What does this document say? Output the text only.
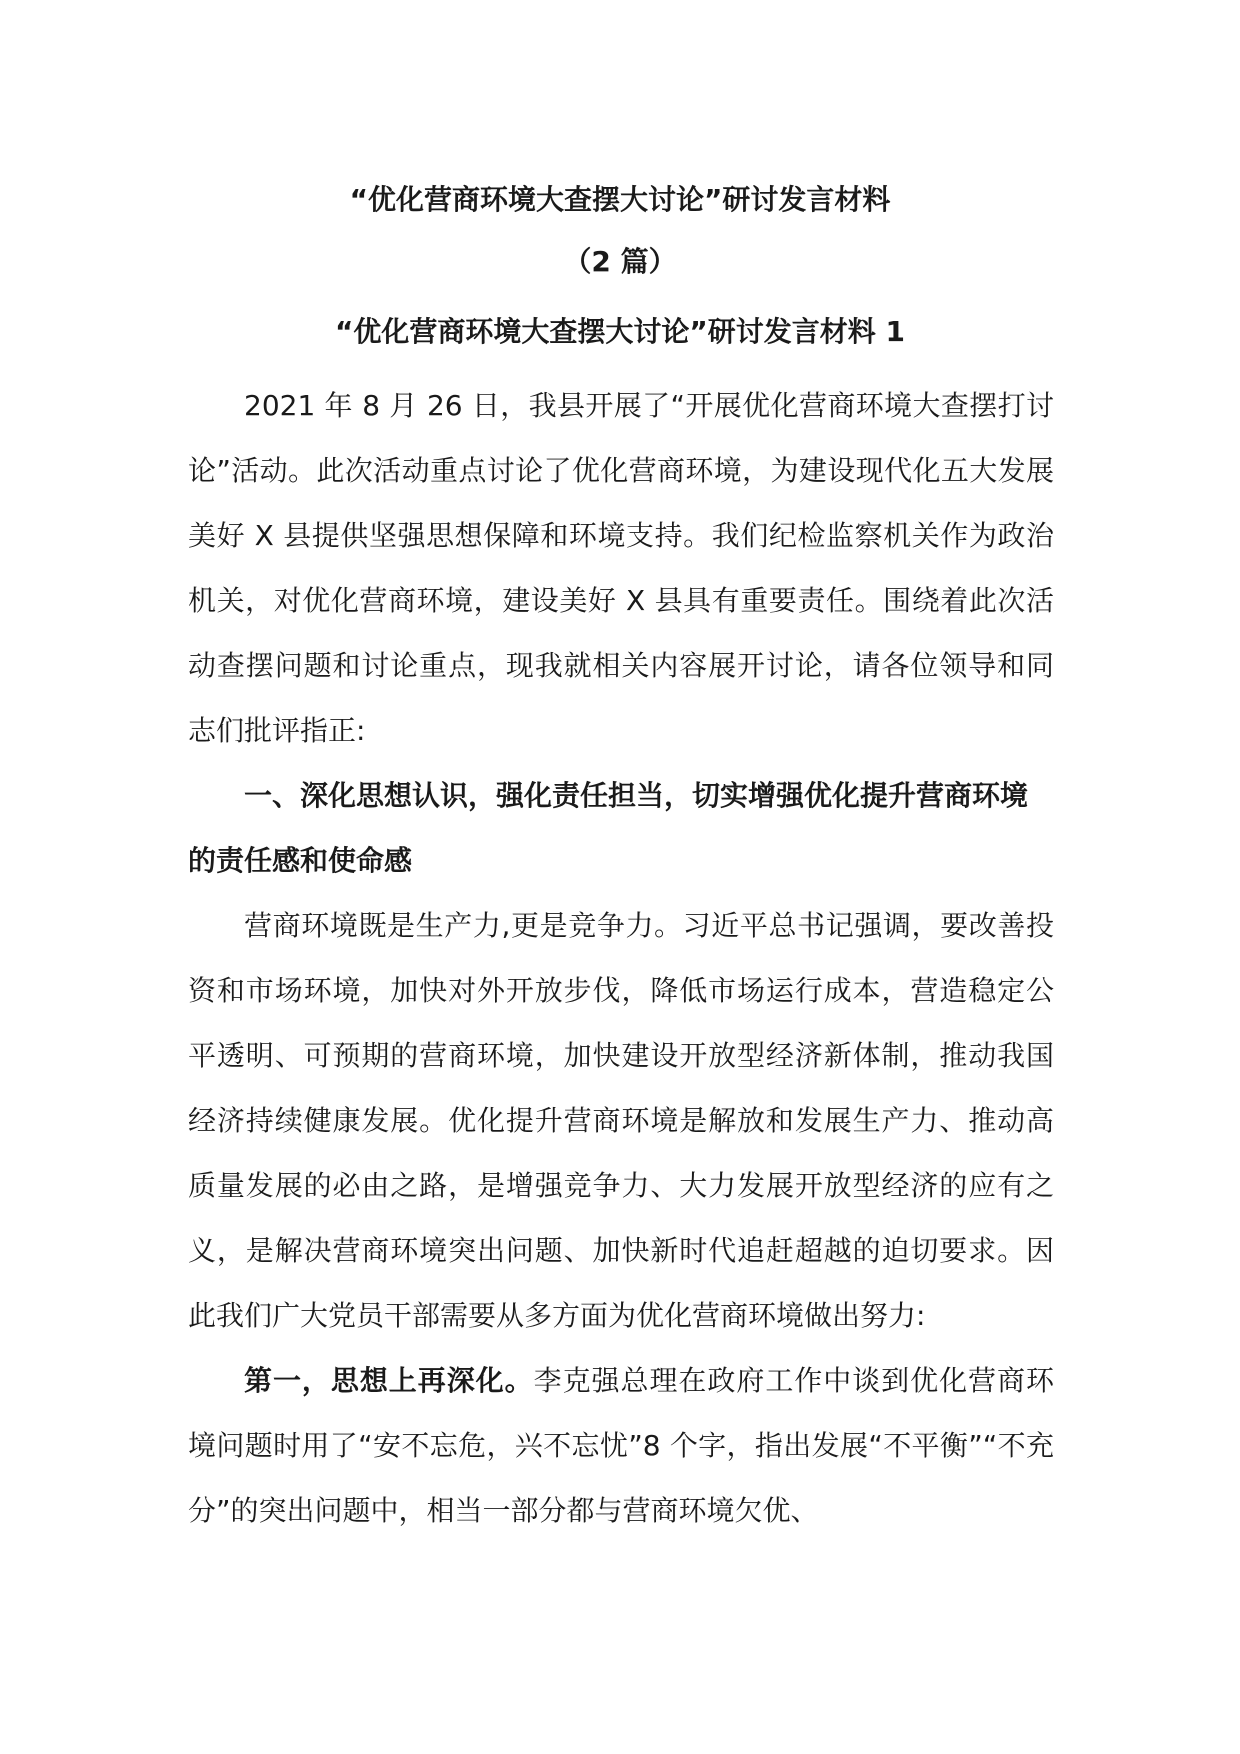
“优化营商环境大查摆大讨论”研讨发言材料
（2 篇）
“优化营商环境大查摆大讨论”研讨发言材料 1

2021 年 8 月 26 日，我县开展了“开展优化营商环境大查摆打讨论”活动。此次活动重点讨论了优化营商环境，为建设现代化五大发展美好 X 县提供坚强思想保障和环境支持。我们纪检监察机关作为政治机关，对优化营商环境，建设美好 X 县具有重要责任。围绕着此次活动查摆问题和讨论重点，现我就相关内容展开讨论，请各位领导和同志们批评指正:

一、深化思想认识，强化责任担当，切实增强优化提升营商环境的责任感和使命感

营商环境既是生产力,更是竞争力。习近平总书记强调，要改善投资和市场环境，加快对外开放步伐，降低市场运行成本，营造稳定公平透明、可预期的营商环境，加快建设开放型经济新体制，推动我国经济持续健康发展。优化提升营商环境是解放和发展生产力、推动高质量发展的必由之路，是增强竞争力、大力发展开放型经济的应有之义，是解决营商环境突出问题、加快新时代追赶超越的迫切要求。因此我们广大党员干部需要从多方面为优化营商环境做出努力:

第一，思想上再深化。李克强总理在政府工作中谈到优化营商环境问题时用了“安不忘危，兴不忘忧”8 个字，指出发展“不平衡”“不充分”的突出问题中，相当一部分都与营商环境欠优、
